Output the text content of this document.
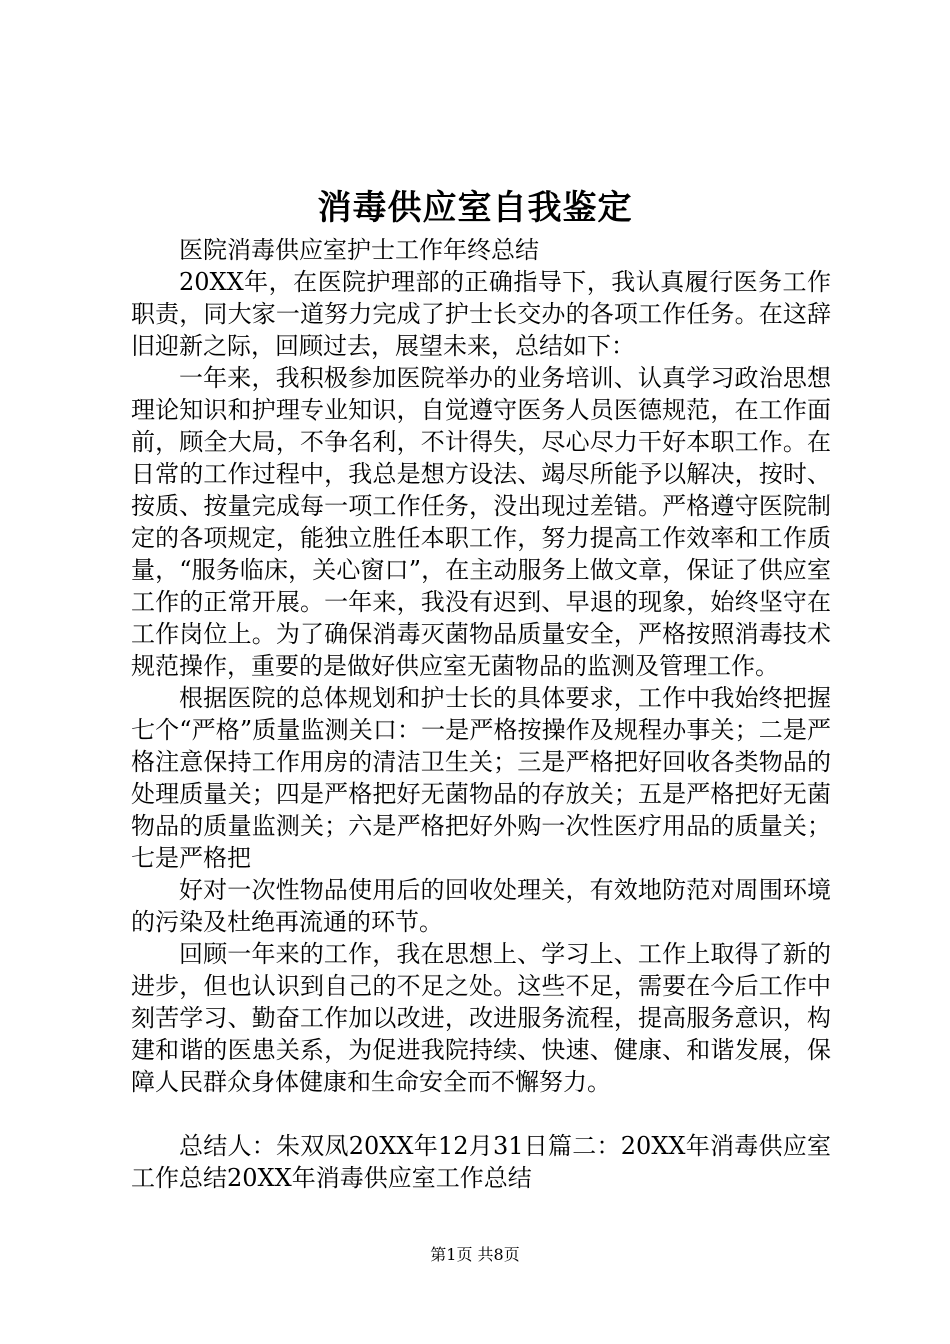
消毒供应室自我鉴定

医院消毒供应室护士工作年终总结

20XX年，在医院护理部的正确指导下，我认真履行医务工作职责，同大家一道努力完成了护士长交办的各项工作任务。在这辞旧迎新之际，回顾过去，展望未来，总结如下：

一年来，我积极参加医院举办的业务培训、认真学习政治思想理论知识和护理专业知识，自觉遵守医务人员医德规范，在工作面前，顾全大局，不争名利，不计得失，尽心尽力干好本职工作。在日常的工作过程中，我总是想方设法、竭尽所能予以解决，按时、按质、按量完成每一项工作任务，没出现过差错。严格遵守医院制定的各项规定，能独立胜任本职工作，努力提高工作效率和工作质量，“服务临床，关心窗口”，在主动服务上做文章，保证了供应室工作的正常开展。一年来，我没有迟到、早退的现象，始终坚守在工作岗位上。为了确保消毒灭菌物品质量安全，严格按照消毒技术规范操作，重要的是做好供应室无菌物品的监测及管理工作。

根据医院的总体规划和护士长的具体要求，工作中我始终把握七个“严格”质量监测关口：一是严格按操作及规程办事关；二是严格注意保持工作用房的清洁卫生关；三是严格把好回收各类物品的处理质量关；四是严格把好无菌物品的存放关；五是严格把好无菌物品的质量监测关；六是严格把好外购一次性医疗用品的质量关；七是严格把

好对一次性物品使用后的回收处理关，有效地防范对周围环境的污染及杜绝再流通的环节。

回顾一年来的工作，我在思想上、学习上、工作上取得了新的进步，但也认识到自己的不足之处。这些不足，需要在今后工作中刻苦学习、勤奋工作加以改进，改进服务流程，提高服务意识，构建和谐的医患关系，为促进我院持续、快速、健康、和谐发展，保障人民群众身体健康和生命安全而不懈努力。

总结人：朱双凤20XX年12月31日篇二：20XX年消毒供应室工作总结20XX年消毒供应室工作总结

第1页 共8页
